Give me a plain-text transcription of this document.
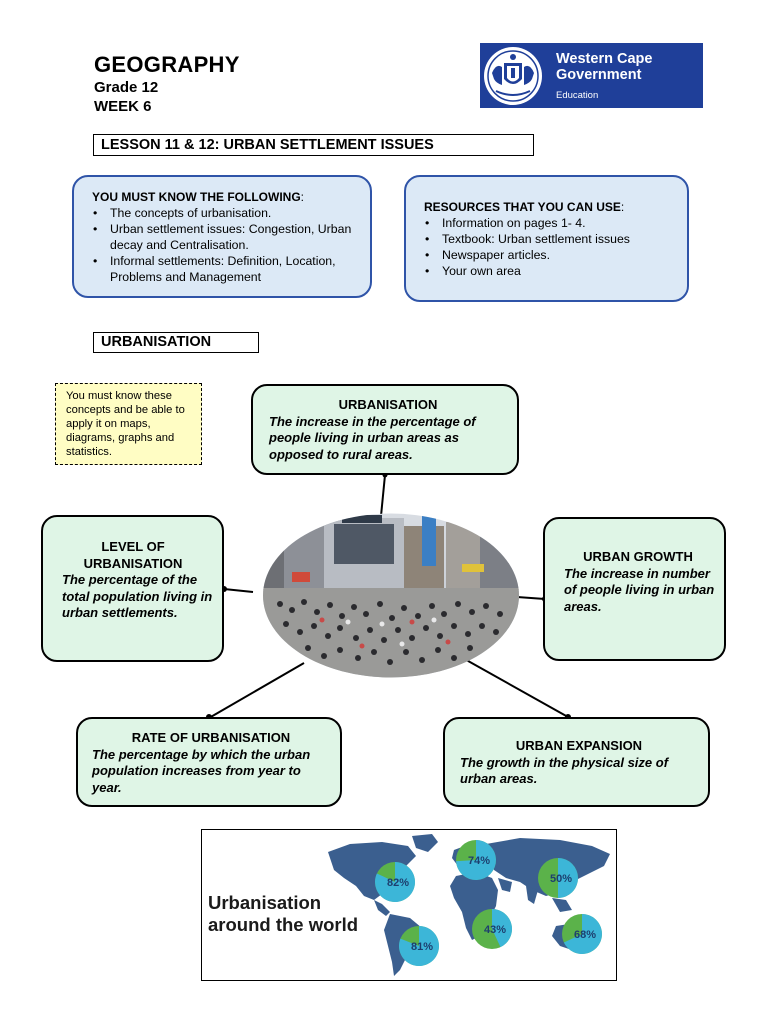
GEOGRAPHY
Grade 12
WEEK 6
Western Cape
Government
Education
LESSON 11 & 12: URBAN SETTLEMENT ISSUES
YOU MUST KNOW THE FOLLOWING:
• The concepts of urbanisation.
• Urban settlement issues: Congestion, Urban decay and Centralisation.
• Informal settlements: Definition, Location, Problems and Management
RESOURCES THAT YOU CAN USE:
• Information on pages 1- 4.
• Textbook: Urban settlement issues
• Newspaper articles.
• Your own area
URBANISATION
You must know these concepts and be able to apply it on maps, diagrams, graphs and statistics.
URBANISATION
The increase in the percentage of people living in urban areas as opposed to rural areas.
LEVEL OF URBANISATION
The percentage of the total population living in urban settlements.
URBAN GROWTH
The increase in number of people living in urban areas.
RATE OF URBANISATION
The percentage by which the urban population increases from year to year.
URBAN EXPANSION
The growth in the physical size of urban areas.
Urbanisation
around the world
82%
74%
50%
43%	68%
81%
